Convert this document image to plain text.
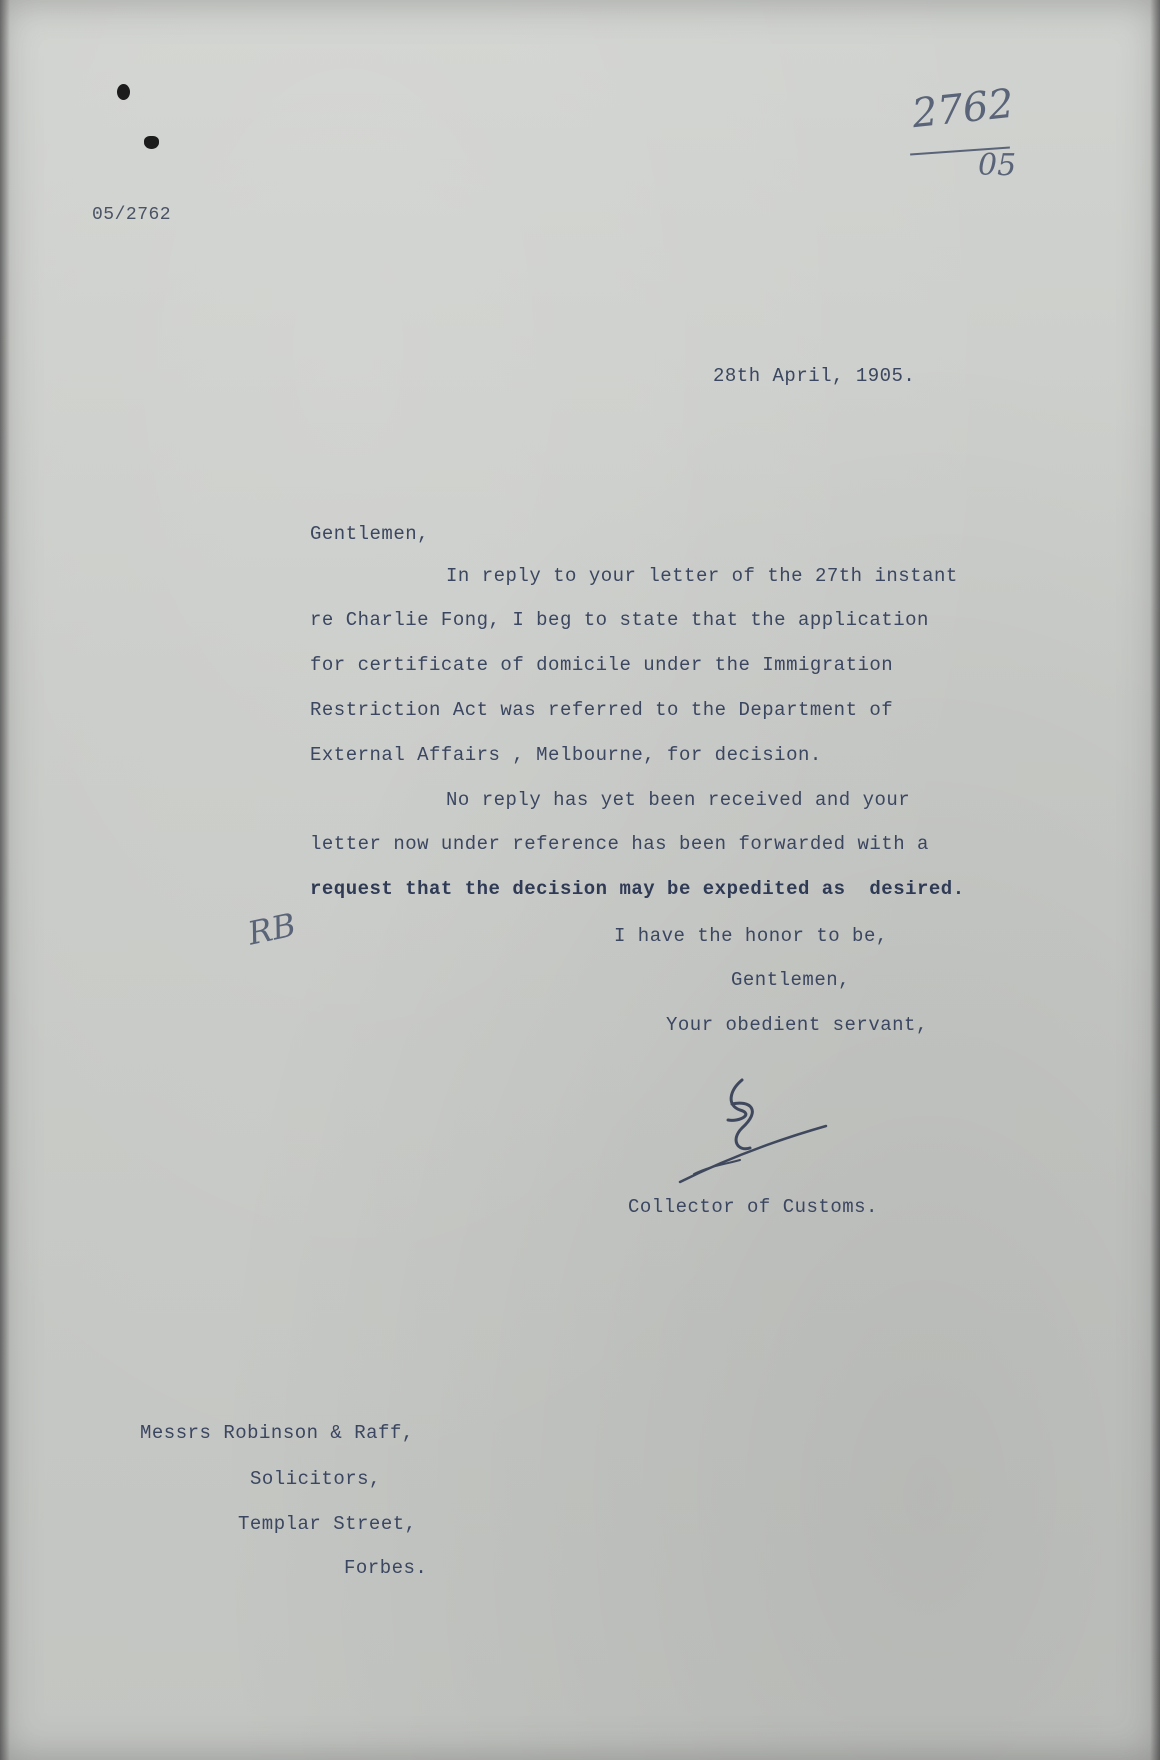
2762
05
05/2762
28th April, 1905.
Gentlemen,
In reply to your letter of the 27th instant
re Charlie Fong, I beg to state that the application
for certificate of domicile under the Immigration
Restriction Act was referred to the Department of
External Affairs , Melbourne, for decision.
No reply has yet been received and your
letter now under reference has been forwarded with a
request that the decision may be expedited as  desired.
RB	I have the honor to be,
Gentlemen,
Your obedient servant,
Collector of Customs.
Messrs Robinson & Raff,
Solicitors,
Templar Street,
Forbes.
